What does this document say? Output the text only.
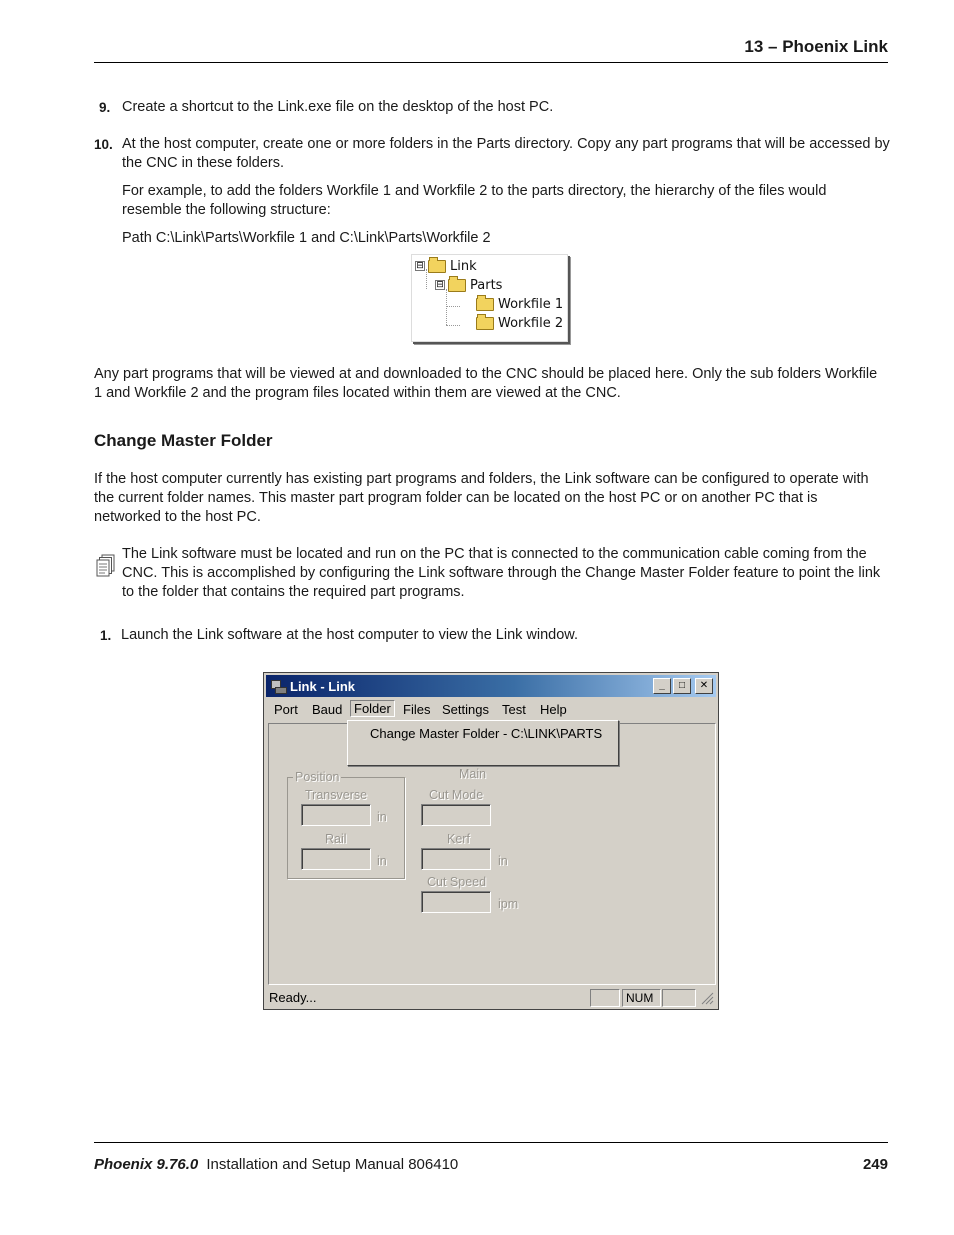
13 – Phoenix Link
9. Create a shortcut to the Link.exe file on the desktop of the host PC.
10. At the host computer, create one or more folders in the Parts directory. Copy any part programs that will be accessed by the CNC in these folders.
For example, to add the folders Workfile 1 and Workfile 2 to the parts directory, the hierarchy of the files would resemble the following structure:
Path C:\Link\Parts\Workfile 1 and C:\Link\Parts\Workfile 2
⊟ Link
⊟ Parts
Workfile 1
Workfile 2
Any part programs that will be viewed at and downloaded to the CNC should be placed here. Only the sub folders Workfile 1 and Workfile 2 and the program files located within them are viewed at the CNC.
Change Master Folder
If the host computer currently has existing part programs and folders, the Link software can be configured to operate with the current folder names. This master part program folder can be located on the host PC or on another PC that is networked to the host PC.
The Link software must be located and run on the PC that is connected to the communication cable coming from the CNC. This is accomplished by configuring the Link software through the Change Master Folder feature to point the link to the folder that contains the required part programs.
1. Launch the Link software at the host computer to view the Link window.
Link - Link	_	□	✕
Port Baud Folder Files Settings Test Help
Position
Transverse
in
Rail
in
Main
Cut Mode
Kerf
in
Cut Speed
ipm
Change Master Folder - C:\LINK\PARTS
Ready...	NUM
Phoenix 9.76.0 Installation and Setup Manual 806410	249
